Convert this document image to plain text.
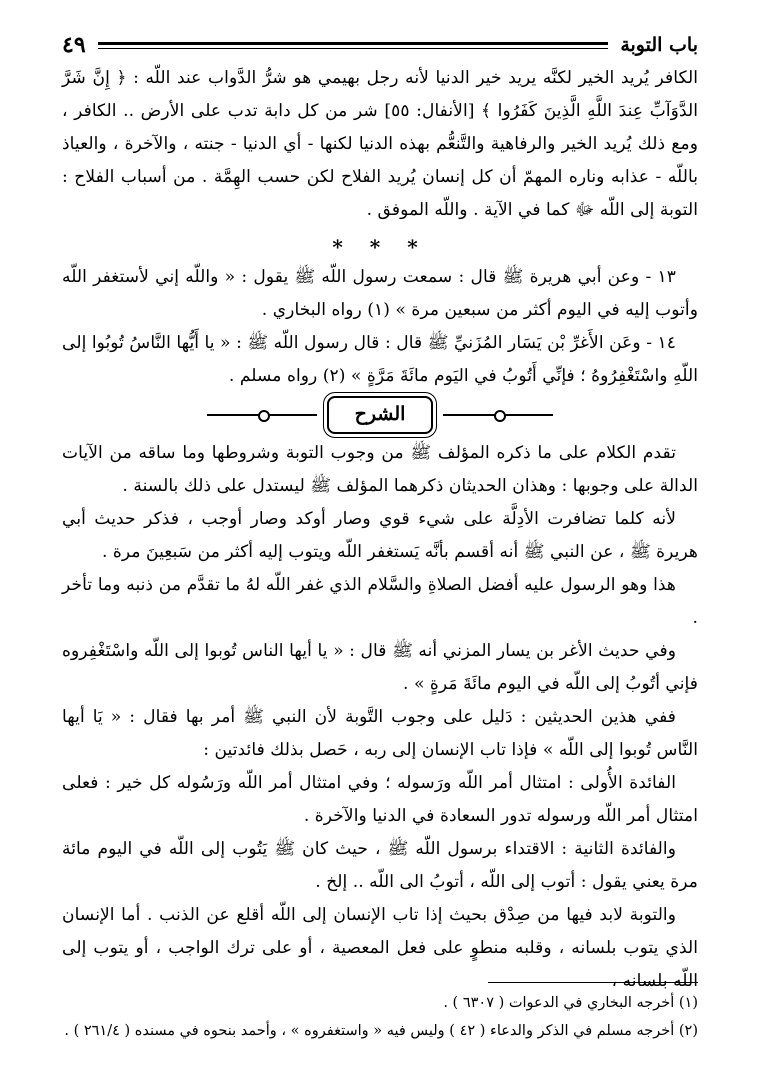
باب التوبة
٤٩

الكافر يُريد الخير لكنَّه يريد خير الدنيا لأنه رجل بهيمي هو شرُّ الدَّواب عند اللّه : ﴿ إِنَّ شَرَّ الدَّوَآبِّ عِندَ اللَّهِ الَّذِينَ كَفَرُوا ﴾ [الأنفال: ٥٥] شر من كل دابة تدب على الأرض .. الكافر ، ومع ذلك يُريد الخير والرفاهية والتَّنعُّم بهذه الدنيا لكنها - أي الدنيا - جنته ، والآخرة ، والعياذ باللّه - عذابه وناره المهمّ أن كل إنسان يُريد الفلاح لكن حسب الهِمَّة . من أسباب الفلاح : التوبة إلى اللّه ﷻ كما في الآية . واللّه الموفق .

* * *

١٣ - وعن أبي هريرة ﷺ قال : سمعت رسول اللّه ﷺ يقول : « واللّه إني لأستغفر اللّه وأتوب إليه في اليوم أكثر من سبعين مرة » (١) رواه البخاري .

١٤ - وعَن الأَغرِّ بْن يَسَار المُزَنيِّ ﷺ قال : قال رسول اللّه ﷺ : « يا أَيُّها النَّاسُ تُوبُوا إلى اللّهِ واسْتَغْفِرُوهُ ؛ فإنِّي أَتُوبُ في اليَوم مائَةَ مَرَّةٍ » (٢) رواه مسلم .

الشرح

تقدم الكلام على ما ذكره المؤلف ﷺ من وجوب التوبة وشروطها وما ساقه من الآيات الدالة على وجوبها : وهذان الحديثان ذكرهما المؤلف ﷺ ليستدل على ذلك بالسنة .

لأنه كلما تضافرت الأدِلَّة على شيء قوي وصار أوكد وصار أوجب ، فذكر حديث أبي هريرة ﷺ ، عن النبي ﷺ أنه أقسم بأنَّه يَستغفر اللّه ويتوب إليه أكثر من سَبعِينَ مرة .

هذا وهو الرسول عليه أفضل الصلاةِ والسَّلام الذي غفر اللّه لهُ ما تقدَّم من ذنبه وما تأخر .

وفي حديث الأغر بن يسار المزني أنه ﷺ قال : « يا أيها الناس تُوبوا إلى اللّه واسْتَغْفِروه فإني أتُوبُ إلى اللّه في اليوم مائَةَ مَرةٍ » .

ففي هذين الحديثين : دَليل على وجوب التَّوبة لأن النبي ﷺ أمر بها فقال : « يَا أيها النَّاس تُوبوا إلى اللّه » فإذا تاب الإنسان إلى ربه ، حَصل بذلك فائدتين :

الفائدة الأُولى : امتثال أمر اللّه ورَسوله ؛ وفي امتثال أمر اللّه ورَسُوله كل خير : فعلى امتثال أمر اللّه ورسوله تدور السعادة في الدنيا والآخرة .

والفائدة الثانية : الاقتداء برسول اللّه ﷺ ، حيث كان ﷺ يَتُوب إلى اللّه في اليوم مائة مرة يعني يقول : أتوب إلى اللّه ، أتوبُ الى اللّه .. إلخ .

والتوبة لابد فيها من صِدْق بحيث إذا تاب الإنسان إلى اللّه أقلع عن الذنب . أما الإنسان الذي يتوب بلسانه ، وقلبه منطوٍ على فعل المعصية ، أو على ترك الواجب ، أو يتوب إلى اللّه بلسانه ،

(١) أخرجه البخاري في الدعوات ( ٦٣٠٧ ) .

(٢) أخرجه مسلم في الذكر والدعاء ( ٤٢ ) وليس فيه « واستغفروه » ، وأحمد بنحوه في مسنده ( ٢٦١/٤ ) .
